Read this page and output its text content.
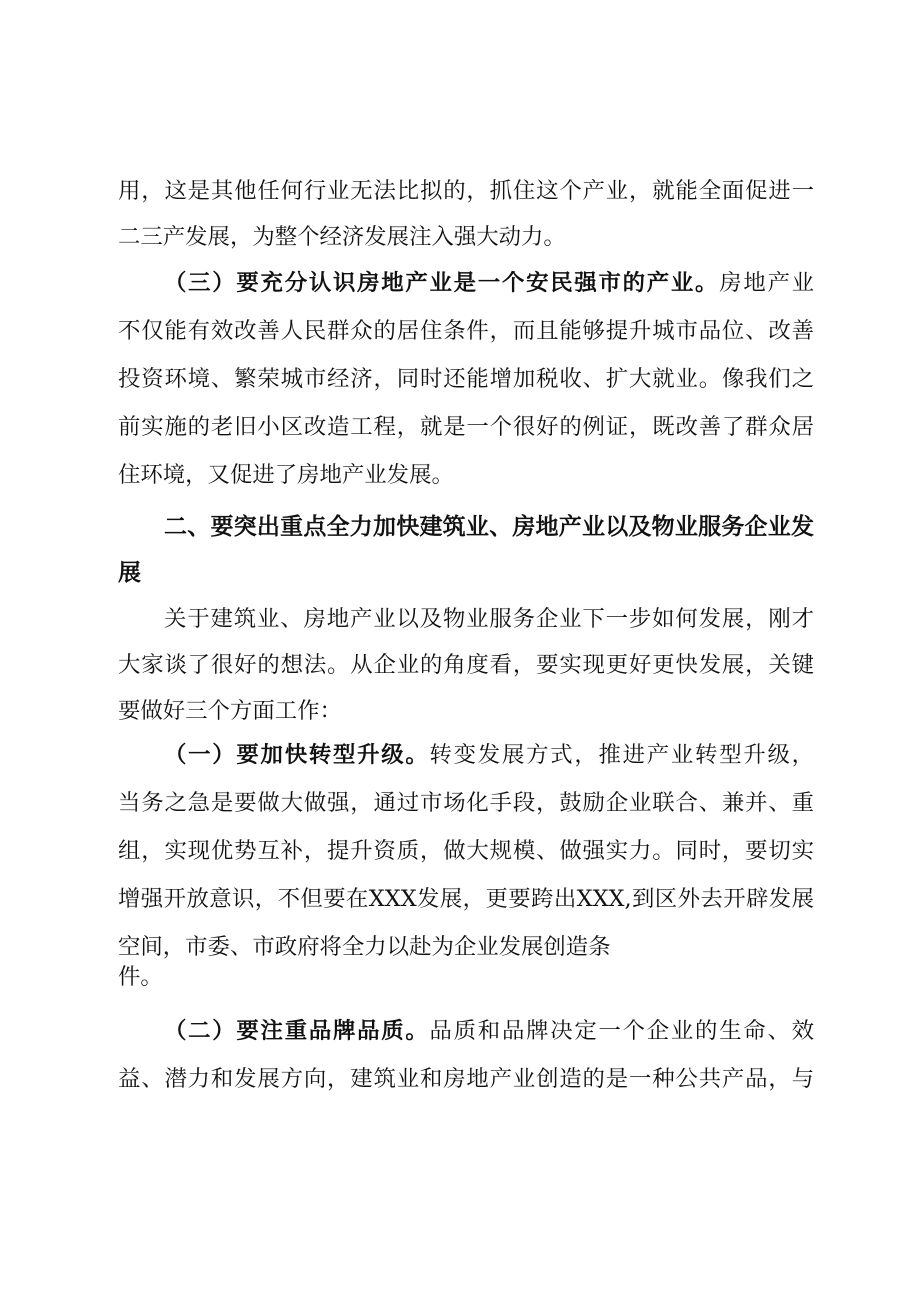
用，这是其他任何行业无法比拟的，抓住这个产业，就能全面促进一
二三产发展，为整个经济发展注入强大动力。
（三）要充分认识房地产业是一个安民强市的产业。房地产业
不仅能有效改善人民群众的居住条件，而且能够提升城市品位、改善
投资环境、繁荣城市经济，同时还能增加税收、扩大就业。像我们之
前实施的老旧小区改造工程，就是一个很好的例证，既改善了群众居
住环境，又促进了房地产业发展。
二、要突出重点全力加快建筑业、房地产业以及物业服务企业发
展
关于建筑业、房地产业以及物业服务企业下一步如何发展，刚才
大家谈了很好的想法。从企业的角度看，要实现更好更快发展，关键
要做好三个方面工作：
（一）要加快转型升级。转变发展方式，推进产业转型升级，
当务之急是要做大做强，通过市场化手段，鼓励企业联合、兼并、重
组，实现优势互补，提升资质，做大规模、做强实力。同时，要切实
增强开放意识，不但要在XXX发展，更要跨出XXX,到区外去开辟发展
空间，市委、市政府将全力以赴为企业发展创造条
件。
（二）要注重品牌品质。品质和品牌决定一个企业的生命、效
益、潜力和发展方向，建筑业和房地产业创造的是一种公共产品，与
